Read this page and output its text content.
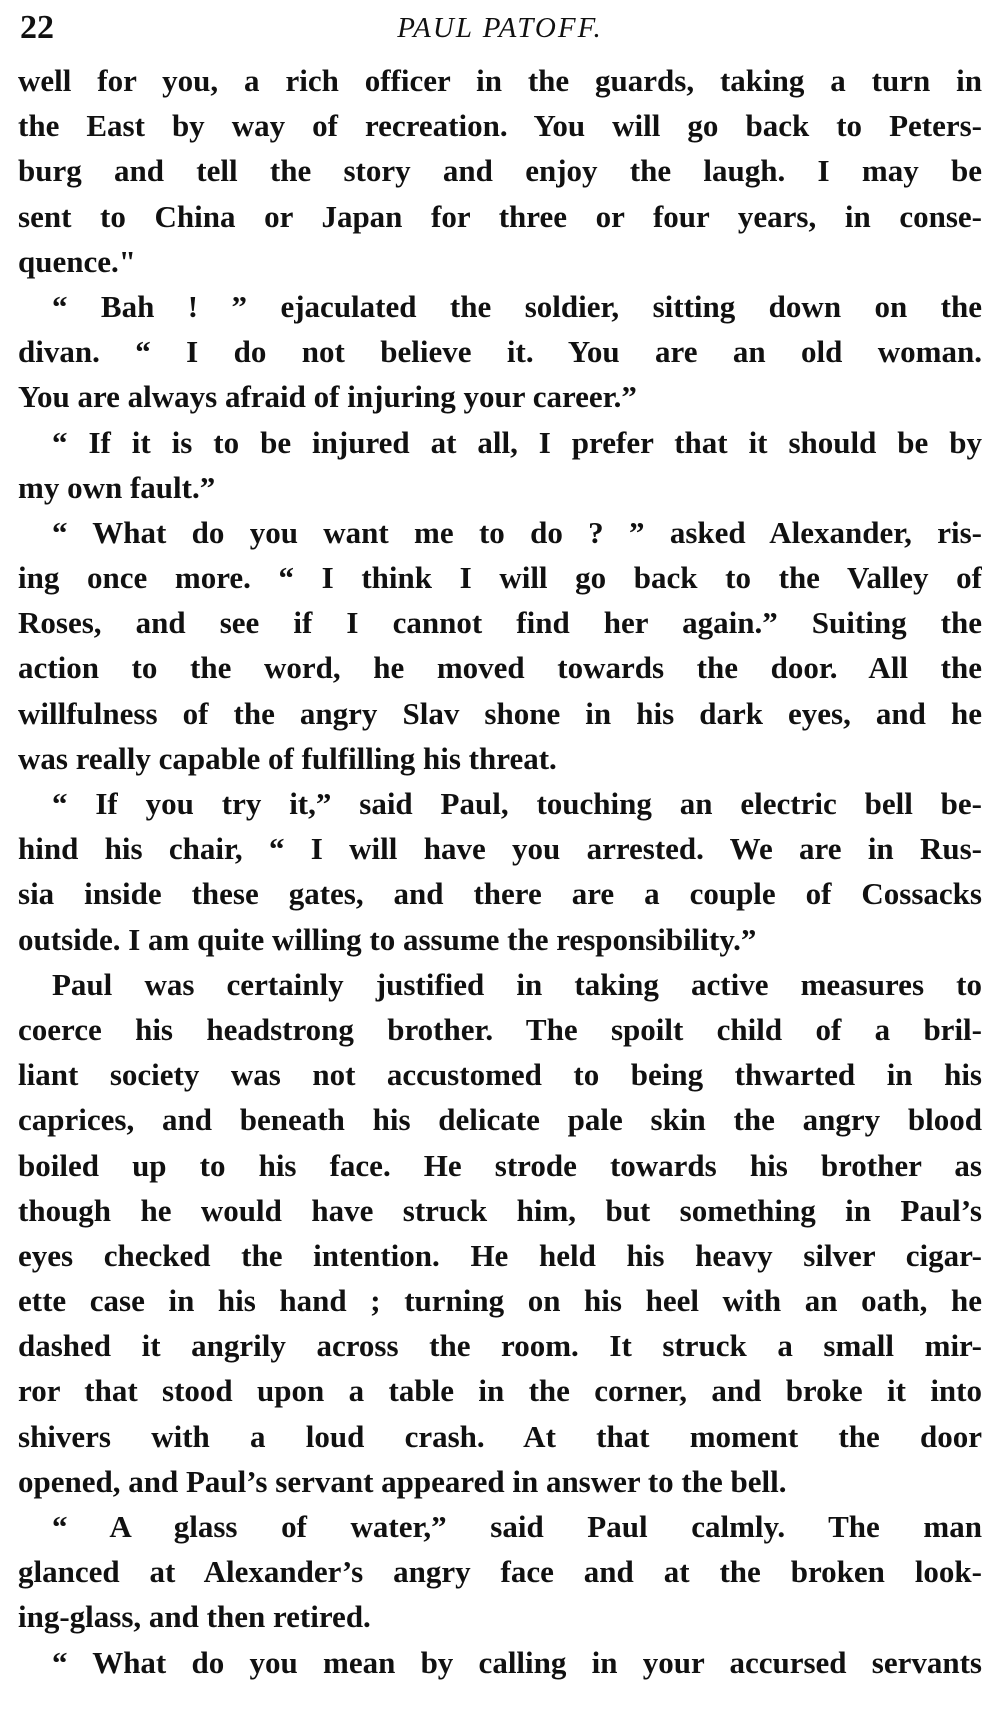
22	PAUL PATOFF.
well for you, a rich officer in the guards, taking a turn in
the East by way of recreation. You will go back to Peters-
burg and tell the story and enjoy the laugh. I may be
sent to China or Japan for three or four years, in conse-
quence."
“ Bah ! ” ejaculated the soldier, sitting down on the
divan. “ I do not believe it. You are an old woman.
You are always afraid of injuring your career.”
“ If it is to be injured at all, I prefer that it should be by
my own fault.”
“ What do you want me to do ? ” asked Alexander, ris-
ing once more. “ I think I will go back to the Valley of
Roses, and see if I cannot find her again.” Suiting the
action to the word, he moved towards the door. All the
willfulness of the angry Slav shone in his dark eyes, and he
was really capable of fulfilling his threat.
“ If you try it,” said Paul, touching an electric bell be-
hind his chair, “ I will have you arrested. We are in Rus-
sia inside these gates, and there are a couple of Cossacks
outside. I am quite willing to assume the responsibility.”
Paul was certainly justified in taking active measures to
coerce his headstrong brother. The spoilt child of a bril-
liant society was not accustomed to being thwarted in his
caprices, and beneath his delicate pale skin the angry blood
boiled up to his face. He strode towards his brother as
though he would have struck him, but something in Paul’s
eyes checked the intention. He held his heavy silver cigar-
ette case in his hand ; turning on his heel with an oath, he
dashed it angrily across the room. It struck a small mir-
ror that stood upon a table in the corner, and broke it into
shivers with a loud crash. At that moment the door
opened, and Paul’s servant appeared in answer to the bell.
“ A glass of water,” said Paul calmly. The man
glanced at Alexander’s angry face and at the broken look-
ing-glass, and then retired.
“ What do you mean by calling in your accursed servants
